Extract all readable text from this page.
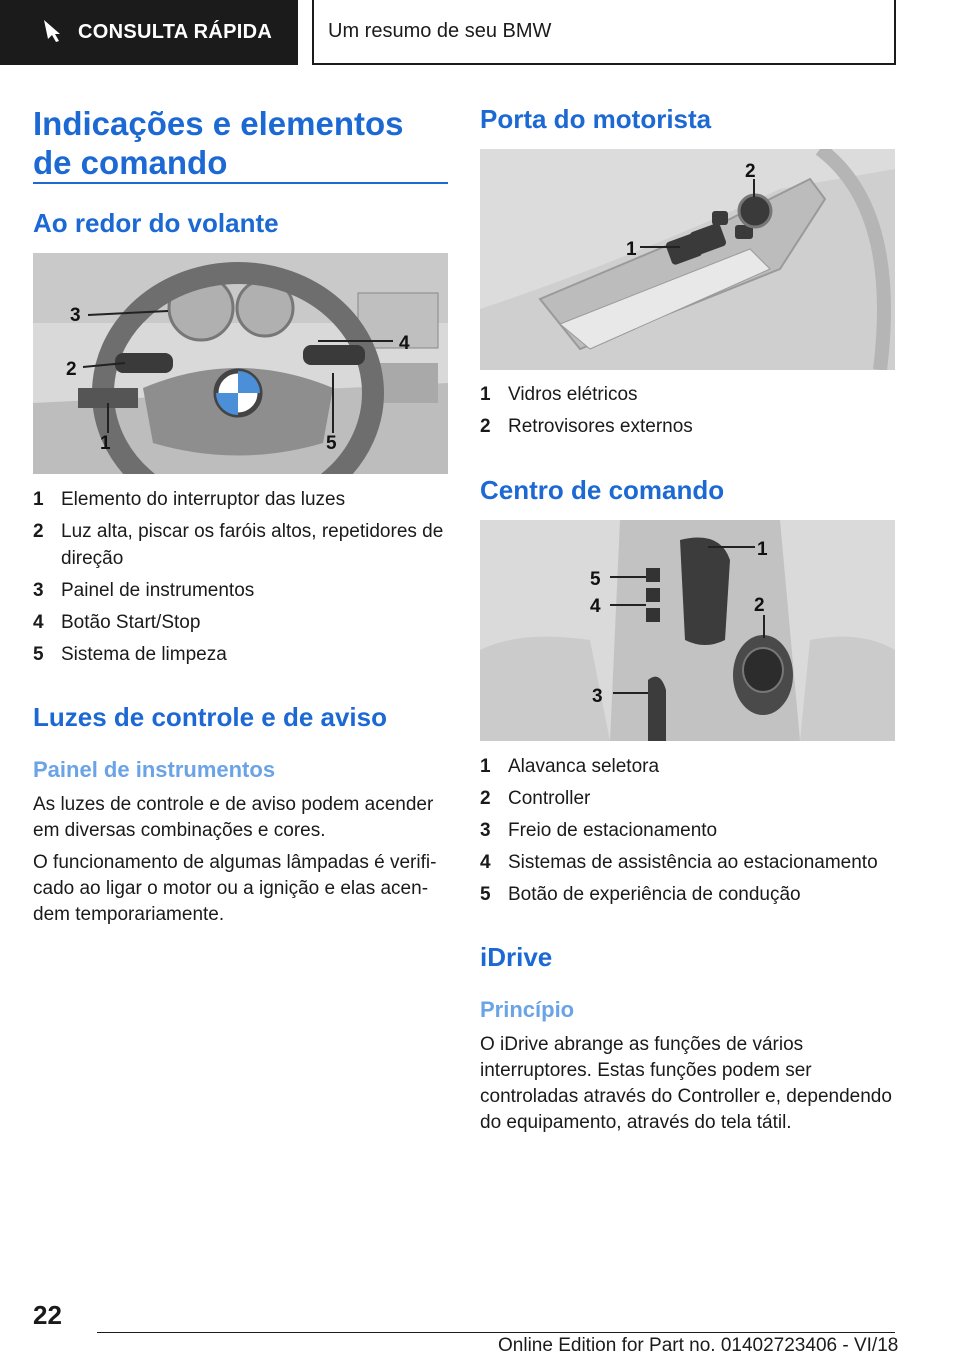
CONSULTA RÁPIDA	Um resumo de seu BMW
Indicações e elementos de comando
Ao redor do volante
3
2
1
4
5
1 Elemento do interruptor das luzes
2 Luz alta, piscar os faróis altos, repetidores de direção
3 Painel de instrumentos
4 Botão Start/Stop
5 Sistema de limpeza
Luzes de controle e de aviso
Painel de instrumentos

As luzes de controle e de aviso podem acender em diversas combinações e cores.

O funcionamento de algumas lâmpadas é verificado ao ligar o motor ou a ignição e elas acendem temporariamente.

Porta do motorista
1
2
1 Vidros elétricos
2 Retrovisores externos
Centro de comando
1
2
3
4
5
1 Alavanca seletora
2 Controller
3 Freio de estacionamento
4 Sistemas de assistência ao estacionamento
5 Botão de experiência de condução
iDrive
Princípio

O iDrive abrange as funções de vários interruptores. Estas funções podem ser controladas através do Controller e, dependendo do equipamento, através do tela tátil.

22
Online Edition for Part no. 01402723406 - VI/18
